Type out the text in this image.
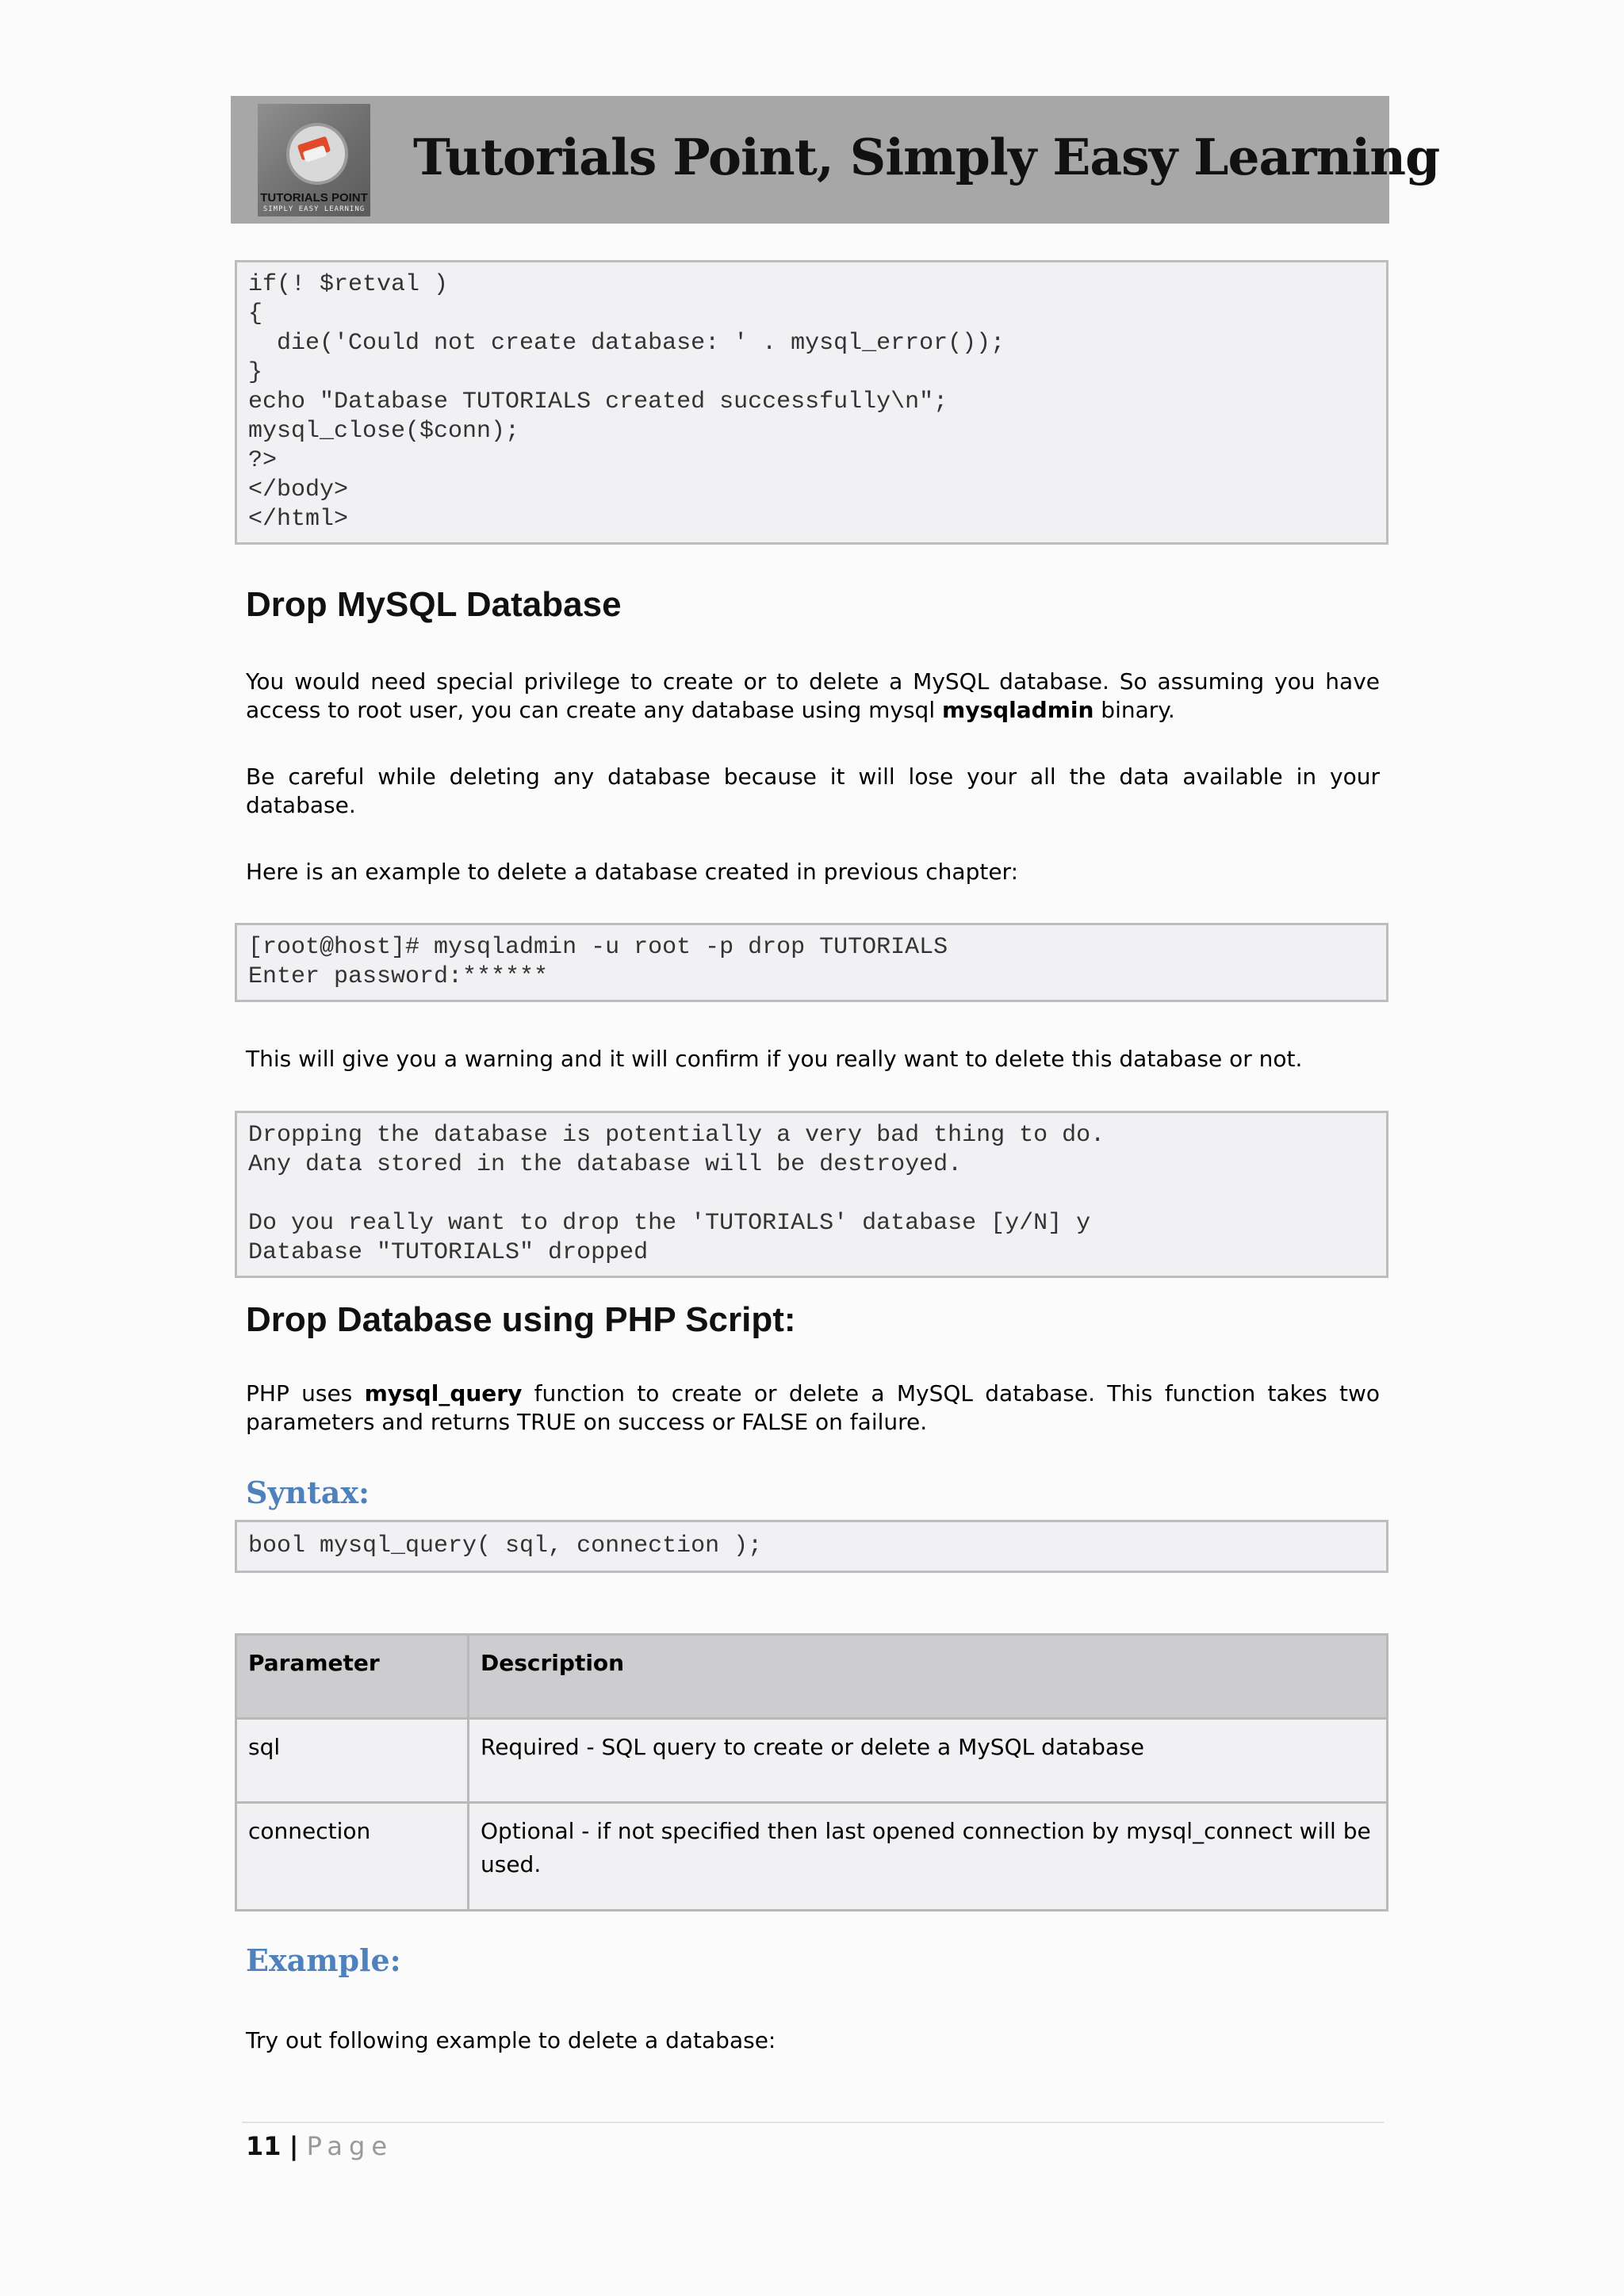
TUTORIALS POINT
SIMPLY EASY LEARNING
Tutorials Point, Simply Easy Learning
if(! $retval )
{
die('Could not create database: ' . mysql_error());
}
echo "Database TUTORIALS created successfully\n";
mysql_close($conn);
?>
</body>
</html>
Drop MySQL Database
You would need special privilege to create or to delete a MySQL database. So assuming you have access to root user, you can create any database using mysql mysqladmin binary.
Be careful while deleting any database because it will lose your all the data available in your database.
Here is an example to delete a database created in previous chapter:
[root@host]# mysqladmin -u root -p drop TUTORIALS
Enter password:******
This will give you a warning and it will confirm if you really want to delete this database or not.
Dropping the database is potentially a very bad thing to do.
Any data stored in the database will be destroyed.

Do you really want to drop the 'TUTORIALS' database [y/N] y
Database "TUTORIALS" dropped
Drop Database using PHP Script:
PHP uses mysql_query function to create or delete a MySQL database. This function takes two parameters and returns TRUE on success or FALSE on failure.
Syntax:
bool mysql_query( sql, connection );
Parameter	Description
sql	Required - SQL query to create or delete a MySQL database
connection	Optional - if not specified then last opened connection by mysql_connect will be used.
Example:
Try out following example to delete a database:
11 | Page
